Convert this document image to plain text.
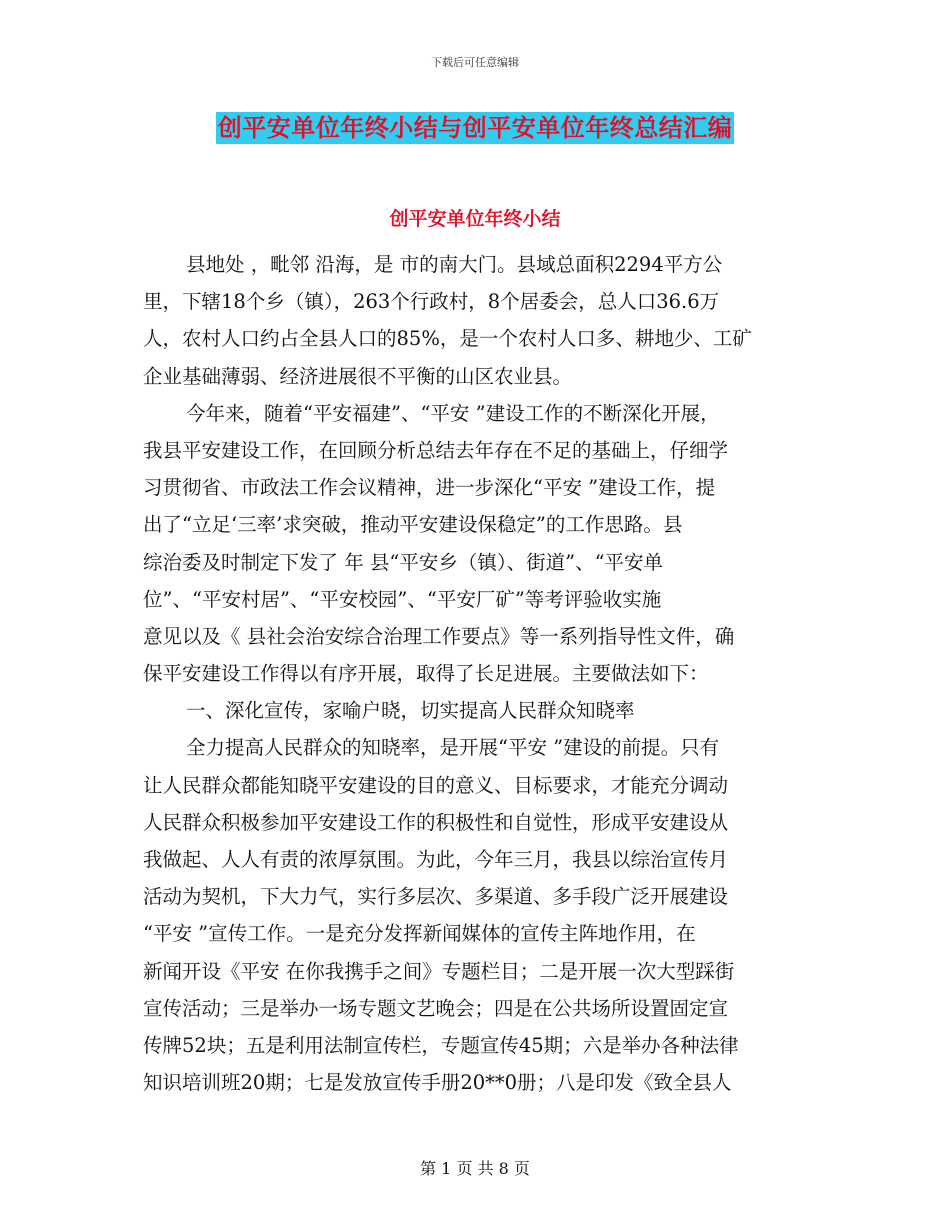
下载后可任意编辑
创平安单位年终小结与创平安单位年终总结汇编
创平安单位年终小结
县地处 ，毗邻 沿海，是 市的南大门。县域总面积2294平方公
里，下辖18个乡（镇），263个行政村，8个居委会，总人口36.6万
人，农村人口约占全县人口的85%，是一个农村人口多、耕地少、工矿
企业基础薄弱、经济进展很不平衡的山区农业县。
今年来，随着“平安福建”、“平安 ”建设工作的不断深化开展，
我县平安建设工作，在回顾分析总结去年存在不足的基础上，仔细学
习贯彻省、市政法工作会议精神，进一步深化“平安 ”建设工作，提
出了“立足‘三率’求突破，推动平安建设保稳定”的工作思路。县
综治委及时制定下发了 年 县“平安乡（镇）、街道”、“平安单
位”、“平安村居”、“平安校园”、“平安厂矿”等考评验收实施
意见以及《 县社会治安综合治理工作要点》等一系列指导性文件，确
保平安建设工作得以有序开展，取得了长足进展。主要做法如下：
一、深化宣传，家喻户晓，切实提高人民群众知晓率
全力提高人民群众的知晓率，是开展“平安 ”建设的前提。只有
让人民群众都能知晓平安建设的目的意义、目标要求，才能充分调动
人民群众积极参加平安建设工作的积极性和自觉性，形成平安建设从
我做起、人人有责的浓厚氛围。为此，今年三月，我县以综治宣传月
活动为契机，下大力气，实行多层次、多渠道、多手段广泛开展建设
“平安 ”宣传工作。一是充分发挥新闻媒体的宣传主阵地作用，在
新闻开设《平安 在你我携手之间》专题栏目；二是开展一次大型踩街
宣传活动；三是举办一场专题文艺晚会；四是在公共场所设置固定宣
传牌52块；五是利用法制宣传栏，专题宣传45期；六是举办各种法律
知识培训班20期；七是发放宣传手册20**0册；八是印发《致全县人
第 1 页 共 8 页
